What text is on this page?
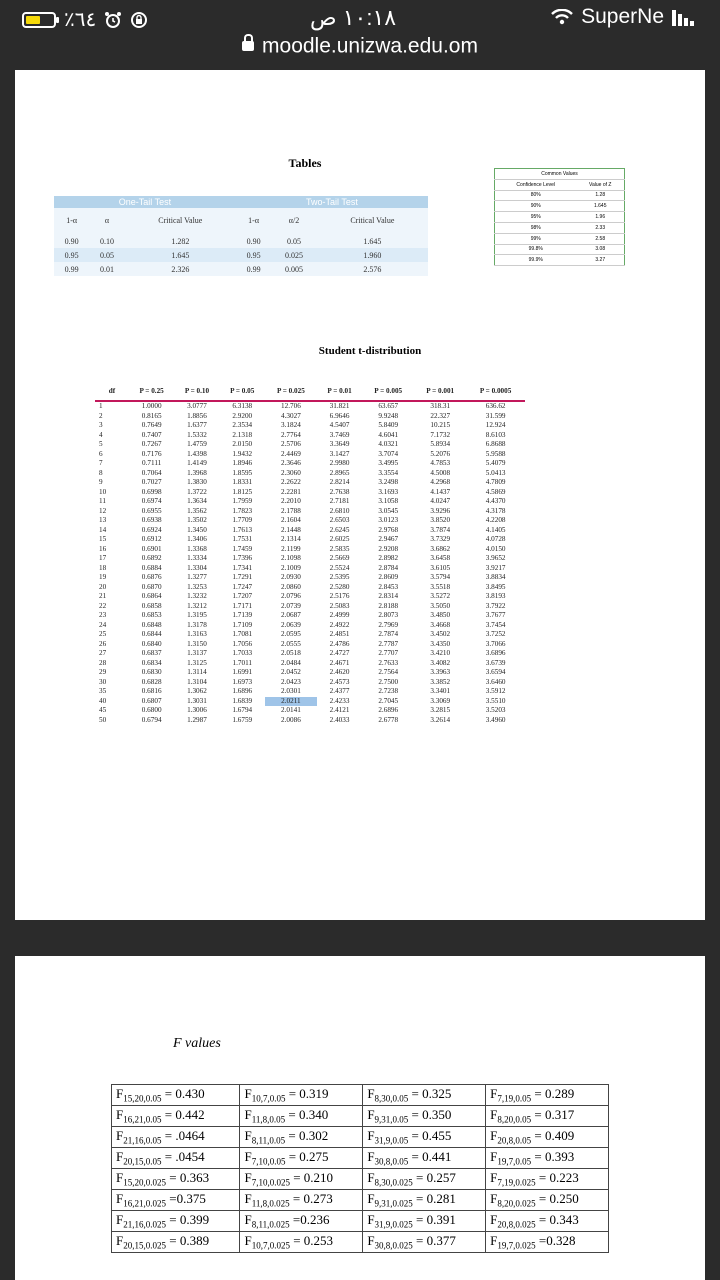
٪٦٤	١٠:١٨ ص	SuperNe
moodle.unizwa.edu.om
Tables
One-Tail Test			Two-Tail Test		
1-α	α	Critical Value	1-α	α/2	Critical Value
0.90	0.10	1.282	0.90	0.05	1.645
0.95	0.05	1.645	0.95	0.025	1.960
0.99	0.01	2.326	0.99	0.005	2.576
Common Values	
Confidence Level	Value of Z
80%	1.28
90%	1.645
95%	1.96
98%	2.33
99%	2.58
99.8%	3.08
99.9%	3.27
Student t-distribution
df	P = 0.25	P = 0.10	P = 0.05	P = 0.025	P = 0.01	P = 0.005	P = 0.001	P = 0.0005
1	1.0000	3.0777	6.3138	12.706	31.821	63.657	318.31	636.62
2	0.8165	1.8856	2.9200	4.3027	6.9646	9.9248	22.327	31.599
3	0.7649	1.6377	2.3534	3.1824	4.5407	5.8409	10.215	12.924
4	0.7407	1.5332	2.1318	2.7764	3.7469	4.6041	7.1732	8.6103
5	0.7267	1.4759	2.0150	2.5706	3.3649	4.0321	5.8934	6.8688
6	0.7176	1.4398	1.9432	2.4469	3.1427	3.7074	5.2076	5.9588
7	0.7111	1.4149	1.8946	2.3646	2.9980	3.4995	4.7853	5.4079
8	0.7064	1.3968	1.8595	2.3060	2.8965	3.3554	4.5008	5.0413
9	0.7027	1.3830	1.8331	2.2622	2.8214	3.2498	4.2968	4.7809
10	0.6998	1.3722	1.8125	2.2281	2.7638	3.1693	4.1437	4.5869
11	0.6974	1.3634	1.7959	2.2010	2.7181	3.1058	4.0247	4.4370
12	0.6955	1.3562	1.7823	2.1788	2.6810	3.0545	3.9296	4.3178
13	0.6938	1.3502	1.7709	2.1604	2.6503	3.0123	3.8520	4.2208
14	0.6924	1.3450	1.7613	2.1448	2.6245	2.9768	3.7874	4.1405
15	0.6912	1.3406	1.7531	2.1314	2.6025	2.9467	3.7329	4.0728
16	0.6901	1.3368	1.7459	2.1199	2.5835	2.9208	3.6862	4.0150
17	0.6892	1.3334	1.7396	2.1098	2.5669	2.8982	3.6458	3.9652
18	0.6884	1.3304	1.7341	2.1009	2.5524	2.8784	3.6105	3.9217
19	0.6876	1.3277	1.7291	2.0930	2.5395	2.8609	3.5794	3.8834
20	0.6870	1.3253	1.7247	2.0860	2.5280	2.8453	3.5518	3.8495
21	0.6864	1.3232	1.7207	2.0796	2.5176	2.8314	3.5272	3.8193
22	0.6858	1.3212	1.7171	2.0739	2.5083	2.8188	3.5050	3.7922
23	0.6853	1.3195	1.7139	2.0687	2.4999	2.8073	3.4850	3.7677
24	0.6848	1.3178	1.7109	2.0639	2.4922	2.7969	3.4668	3.7454
25	0.6844	1.3163	1.7081	2.0595	2.4851	2.7874	3.4502	3.7252
26	0.6840	1.3150	1.7056	2.0555	2.4786	2.7787	3.4350	3.7066
27	0.6837	1.3137	1.7033	2.0518	2.4727	2.7707	3.4210	3.6896
28	0.6834	1.3125	1.7011	2.0484	2.4671	2.7633	3.4082	3.6739
29	0.6830	1.3114	1.6991	2.0452	2.4620	2.7564	3.3963	3.6594
30	0.6828	1.3104	1.6973	2.0423	2.4573	2.7500	3.3852	3.6460
35	0.6816	1.3062	1.6896	2.0301	2.4377	2.7238	3.3401	3.5912
40	0.6807	1.3031	1.6839	2.0211	2.4233	2.7045	3.3069	3.5510
45	0.6800	1.3006	1.6794	2.0141	2.4121	2.6896	3.2815	3.5203
50	0.6794	1.2987	1.6759	2.0086	2.4033	2.6778	3.2614	3.4960
F values
$F_{15,20,0.05} = 0.430$	$F_{10,7,0.05} = 0.319$	$F_{8,30,0.05} = 0.325$	$F_{7,19,0.05} = 0.289$
$F_{16,21,0.05} = 0.442$	$F_{11,8,0.05} = 0.340$	$F_{9,31,0.05} = 0.350$	$F_{8,20,0.05} = 0.317$
$F_{21,16,0.05} = .0464$	$F_{8,11,0.05} = 0.302$	$F_{31,9,0.05} = 0.455$	$F_{20,8,0.05} = 0.409$
$F_{20,15,0.05} = .0454$	$F_{7,10,0.05} = 0.275$	$F_{30,8,0.05} = 0.441$	$F_{19,7,0.05} = 0.393$
$F_{15,20,0.025} = 0.363$	$F_{7,10,0.025} = 0.210$	$F_{8,30,0.025} = 0.257$	$F_{7,19,0.025} = 0.223$
$F_{16,21,0.025} =0.375$	$F_{11,8,0.025} = 0.273$	$F_{9,31,0.025} = 0.281$	$F_{8,20,0.025} = 0.250$
$F_{21,16,0.025} = 0.399$	$F_{8,11,0.025} =0.236$	$F_{31,9,0.025} = 0.391$	$F_{20,8,0.025} = 0.343$
$F_{20,15,0.025} = 0.389$	$F_{10,7,0.025} = 0.253$	$F_{30,8,0.025} = 0.377$	$F_{19,7,0.025} =0.328$
